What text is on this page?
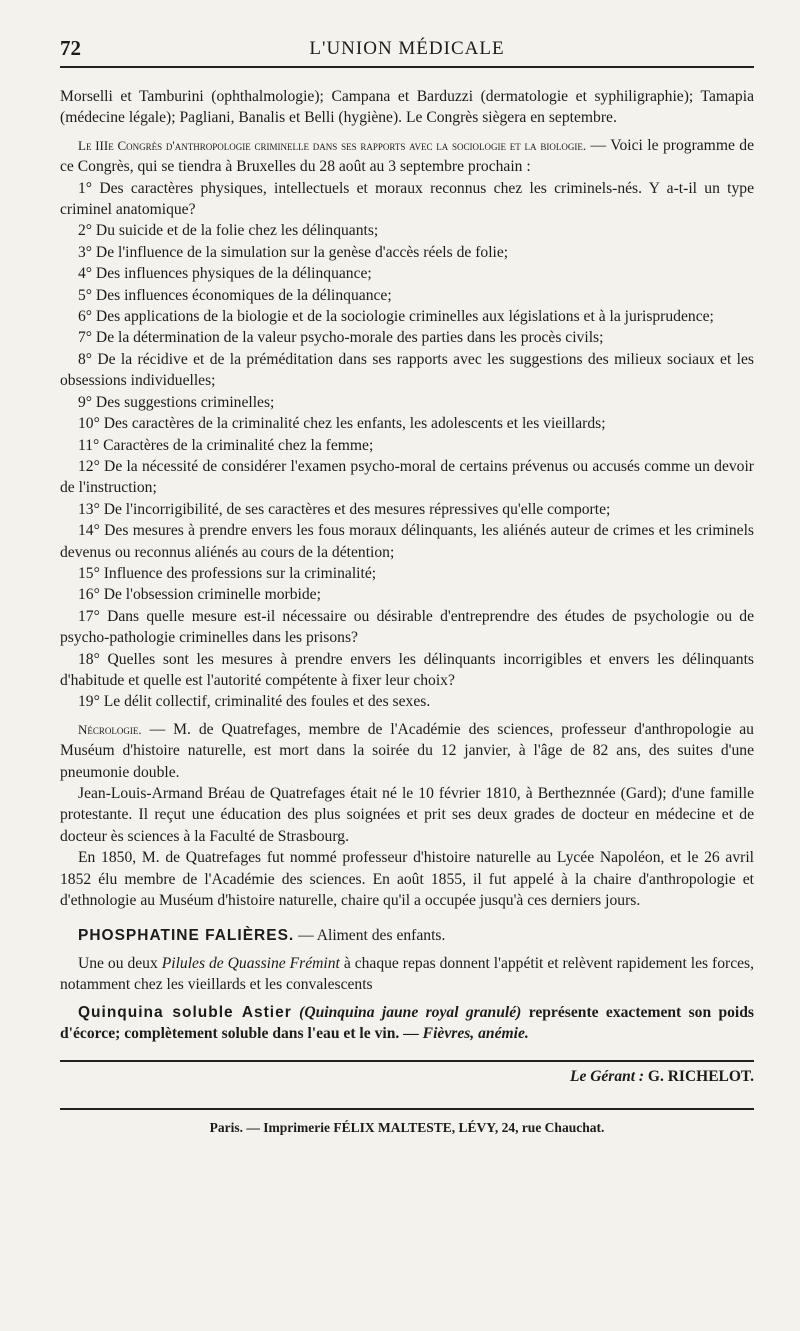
72	L'UNION MÉDICALE

Morselli et Tamburini (ophthalmologie); Campana et Barduzzi (dermatologie et syphiligraphie); Tamapia (médecine légale); Pagliani, Banalis et Belli (hygiène). Le Congrès siègera en septembre.

Le IIIe Congrès d'anthropologie criminelle dans ses rapports avec la sociologie et la biologie. — Voici le programme de ce Congrès, qui se tiendra à Bruxelles du 28 août au 3 septembre prochain :

1° Des caractères physiques, intellectuels et moraux reconnus chez les criminels-nés. Y a-t-il un type criminel anatomique?

2° Du suicide et de la folie chez les délinquants;

3° De l'influence de la simulation sur la genèse d'accès réels de folie;

4° Des influences physiques de la délinquance;

5° Des influences économiques de la délinquance;

6° Des applications de la biologie et de la sociologie criminelles aux législations et à la jurisprudence;

7° De la détermination de la valeur psycho-morale des parties dans les procès civils;

8° De la récidive et de la préméditation dans ses rapports avec les suggestions des milieux sociaux et les obsessions individuelles;

9° Des suggestions criminelles;

10° Des caractères de la criminalité chez les enfants, les adolescents et les vieillards;

11° Caractères de la criminalité chez la femme;

12° De la nécessité de considérer l'examen psycho-moral de certains prévenus ou accusés comme un devoir de l'instruction;

13° De l'incorrigibilité, de ses caractères et des mesures répressives qu'elle comporte;

14° Des mesures à prendre envers les fous moraux délinquants, les aliénés auteur de crimes et les criminels devenus ou reconnus aliénés au cours de la détention;

15° Influence des professions sur la criminalité;

16° De l'obsession criminelle morbide;

17° Dans quelle mesure est-il nécessaire ou désirable d'entreprendre des études de psychologie ou de psycho-pathologie criminelles dans les prisons?

18° Quelles sont les mesures à prendre envers les délinquants incorrigibles et envers les délinquants d'habitude et quelle est l'autorité compétente à fixer leur choix?

19° Le délit collectif, criminalité des foules et des sexes.

Nécrologie. — M. de Quatrefages, membre de l'Académie des sciences, professeur d'anthropologie au Muséum d'histoire naturelle, est mort dans la soirée du 12 janvier, à l'âge de 82 ans, des suites d'une pneumonie double.

Jean-Louis-Armand Bréau de Quatrefages était né le 10 février 1810, à Bertheznnée (Gard); d'une famille protestante. Il reçut une éducation des plus soignées et prit ses deux grades de docteur en médecine et de docteur ès sciences à la Faculté de Strasbourg.

En 1850, M. de Quatrefages fut nommé professeur d'histoire naturelle au Lycée Napoléon, et le 26 avril 1852 élu membre de l'Académie des sciences. En août 1855, il fut appelé à la chaire d'anthropologie et d'ethnologie au Muséum d'histoire naturelle, chaire qu'il a occupée jusqu'à ces derniers jours.

PHOSPHATINE FALIÈRES. — Aliment des enfants.

Une ou deux Pilules de Quassine Frémint à chaque repas donnent l'appétit et relèvent rapidement les forces, notamment chez les vieillards et les convalescents

Quinquina soluble Astier (Quinquina jaune royal granulé) représente exactement son poids d'écorce; complètement soluble dans l'eau et le vin. — Fièvres, anémie.

Le Gérant : G. RICHELOT.
Paris. — Imprimerie FÉLIX MALTESTE, LÉVY, 24, rue Chauchat.
